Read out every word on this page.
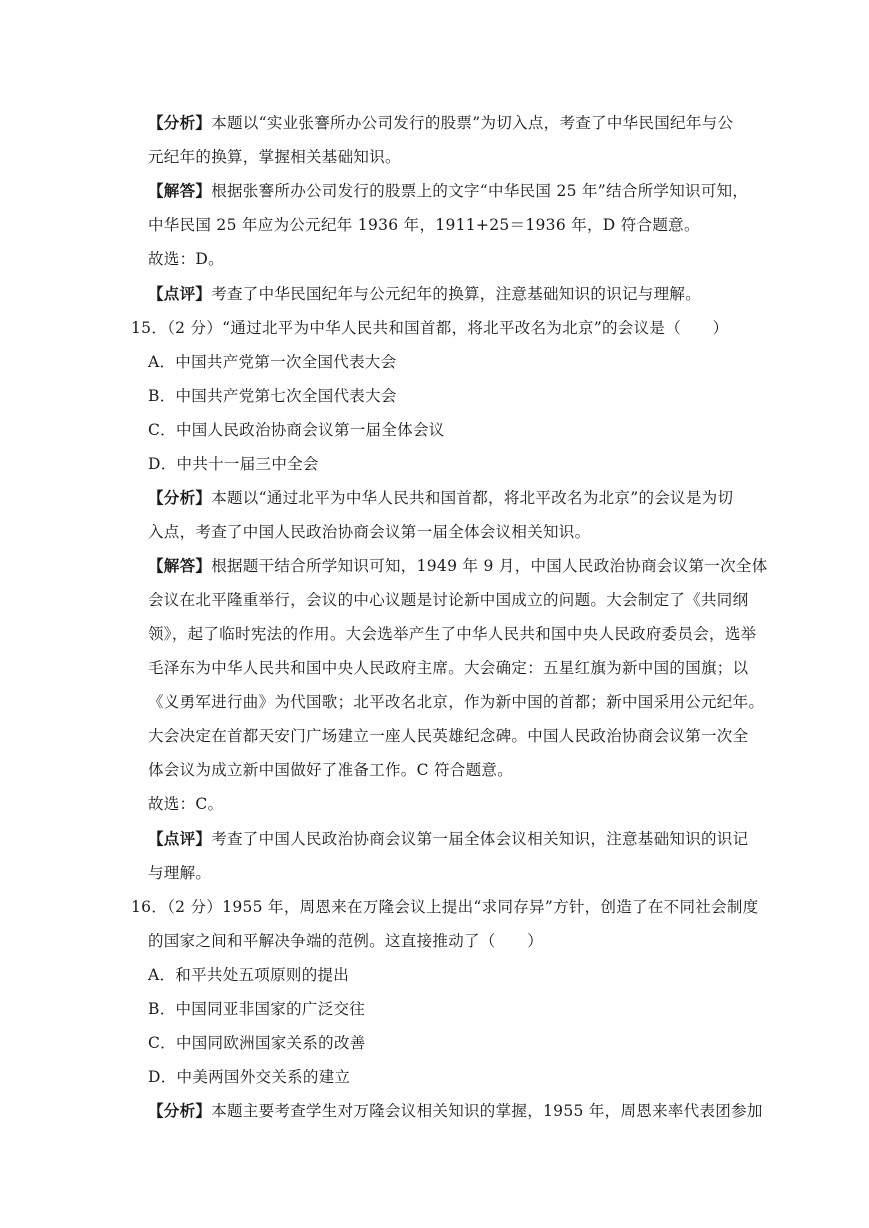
【分析】本题以“实业张謇所办公司发行的股票”为切入点，考查了中华民国纪年与公
元纪年的换算，掌握相关基础知识。
【解答】根据张謇所办公司发行的股票上的文字“中华民国 25 年”结合所学知识可知，
中华民国 25 年应为公元纪年 1936 年，1911+25＝1936 年，D 符合题意。
故选：D。
【点评】考查了中华民国纪年与公元纪年的换算，注意基础知识的识记与理解。
15．（2 分）“通过北平为中华人民共和国首都，将北平改名为北京”的会议是（　　）
A．中国共产党第一次全国代表大会
B．中国共产党第七次全国代表大会
C．中国人民政治协商会议第一届全体会议
D．中共十一届三中全会
【分析】本题以“通过北平为中华人民共和国首都，将北平改名为北京”的会议是为切
入点，考查了中国人民政治协商会议第一届全体会议相关知识。
【解答】根据题干结合所学知识可知，1949 年 9 月，中国人民政治协商会议第一次全体
会议在北平隆重举行，会议的中心议题是讨论新中国成立的问题。大会制定了《共同纲
领》，起了临时宪法的作用。大会选举产生了中华人民共和国中央人民政府委员会，选举
毛泽东为中华人民共和国中央人民政府主席。大会确定：五星红旗为新中国的国旗；以
《义勇军进行曲》为代国歌；北平改名北京，作为新中国的首都；新中国采用公元纪年。
大会决定在首都天安门广场建立一座人民英雄纪念碑。中国人民政治协商会议第一次全
体会议为成立新中国做好了准备工作。C 符合题意。
故选：C。
【点评】考查了中国人民政治协商会议第一届全体会议相关知识，注意基础知识的识记
与理解。
16．（2 分）1955 年，周恩来在万隆会议上提出“求同存异”方针，创造了在不同社会制度
的国家之间和平解决争端的范例。这直接推动了（　　）
A．和平共处五项原则的提出
B．中国同亚非国家的广泛交往
C．中国同欧洲国家关系的改善
D．中美两国外交关系的建立
【分析】本题主要考查学生对万隆会议相关知识的掌握，1955 年，周恩来率代表团参加
